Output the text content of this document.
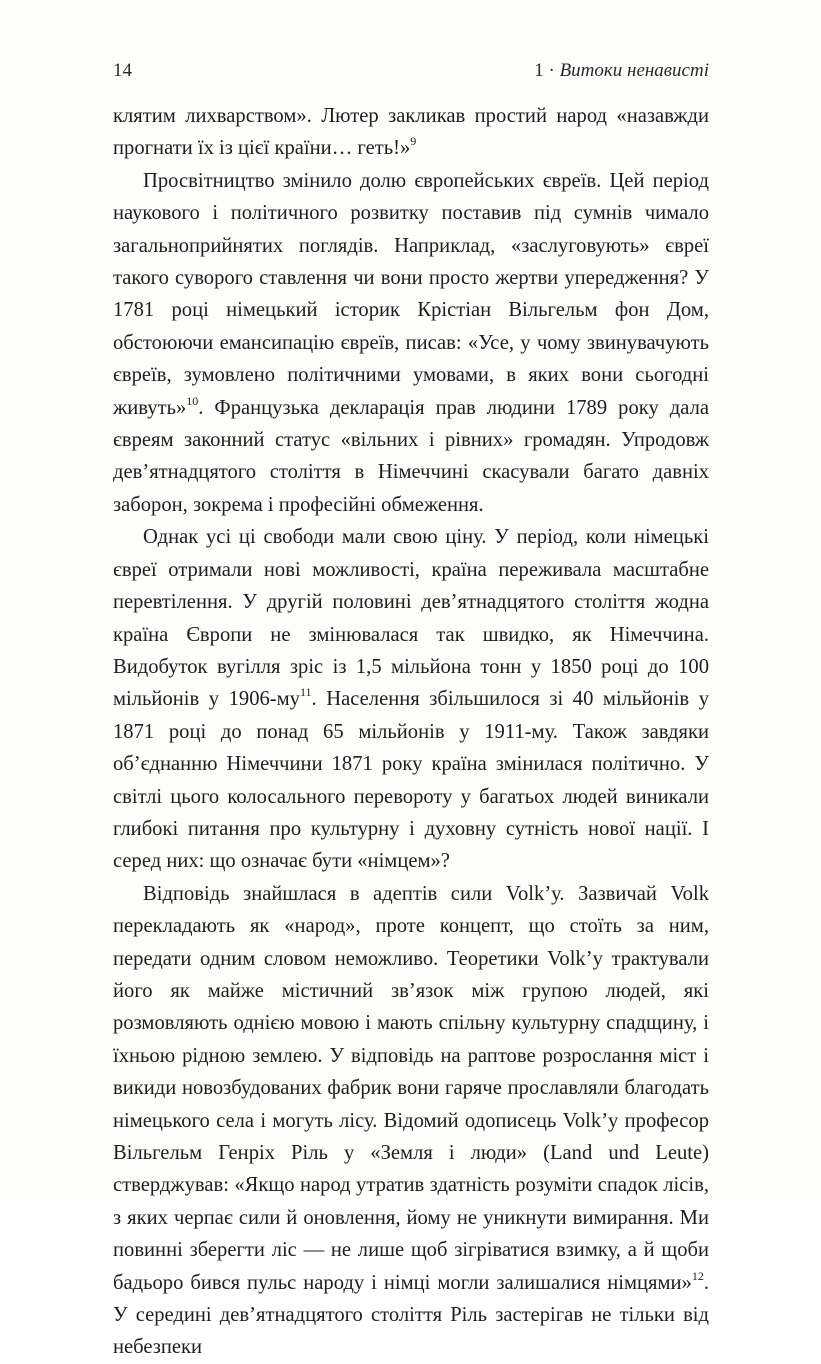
14	1 · Витоки ненависті

клятим лихварством». Лютер закликав простий народ «назавжди прогнати їх із цієї країни… геть!»$^9$

Просвітництво змінило долю європейських євреїв. Цей період наукового і політичного розвитку поставив під сумнів чимало загальноприйнятих поглядів. Наприклад, «заслуговують» євреї такого суворого ставлення чи вони просто жертви упередження? У 1781 році німецький історик Крістіан Вільгельм фон Дом, обстоюючи емансипацію євреїв, писав: «Усе, у чому звинувачують євреїв, зумовлено політичними умовами, в яких вони сьогодні живуть»$^{10}$. Французька декларація прав людини 1789 року дала євреям законний статус «вільних і рівних» громадян. Упродовж дев’ятнадцятого століття в Німеччині скасували багато давніх заборон, зокрема і професійні обмеження.

Однак усі ці свободи мали свою ціну. У період, коли німецькі євреї отримали нові можливості, країна переживала масштабне перевтілення. У другій половині дев’ятнадцятого століття жодна країна Європи не змінювалася так швидко, як Німеччина. Видобуток вугілля зріс із 1,5 мільйона тонн у 1850 році до 100 мільйонів у 1906-му$^{11}$. Населення збільшилося зі 40 мільйонів у 1871 році до понад 65 мільйонів у 1911-му. Також завдяки об’єднанню Німеччини 1871 року країна змінилася політично. У світлі цього колосального перевороту у багатьох людей виникали глибокі питання про культурну і духовну сутність нової нації. І серед них: що означає бути «німцем»?

Відповідь знайшлася в адептів сили Volk’у. Зазвичай Volk перекладають як «народ», проте концепт, що стоїть за ним, передати одним словом неможливо. Теоретики Volk’у трактували його як майже містичний зв’язок між групою людей, які розмовляють однією мовою і мають спільну культурну спадщину, і їхньою рідною землею. У відповідь на раптове розрослання міст і викиди новозбудованих фабрик вони гаряче прославляли благодать німецького села і могуть лісу. Відомий одописець Volk’у професор Вільгельм Генріх Ріль у «Земля і люди» (Land und Leute) стверджував: «Якщо народ утратив здатність розуміти спадок лісів, з яких черпає сили й оновлення, йому не уникнути вимирання. Ми повинні зберегти ліс — не лише щоб зігріватися взимку, а й щоби бадьоро бився пульс народу і німці могли залишалися німцями»$^{12}$. У середині дев’ятнадцятого століття Ріль застерігав не тільки від небезпеки
